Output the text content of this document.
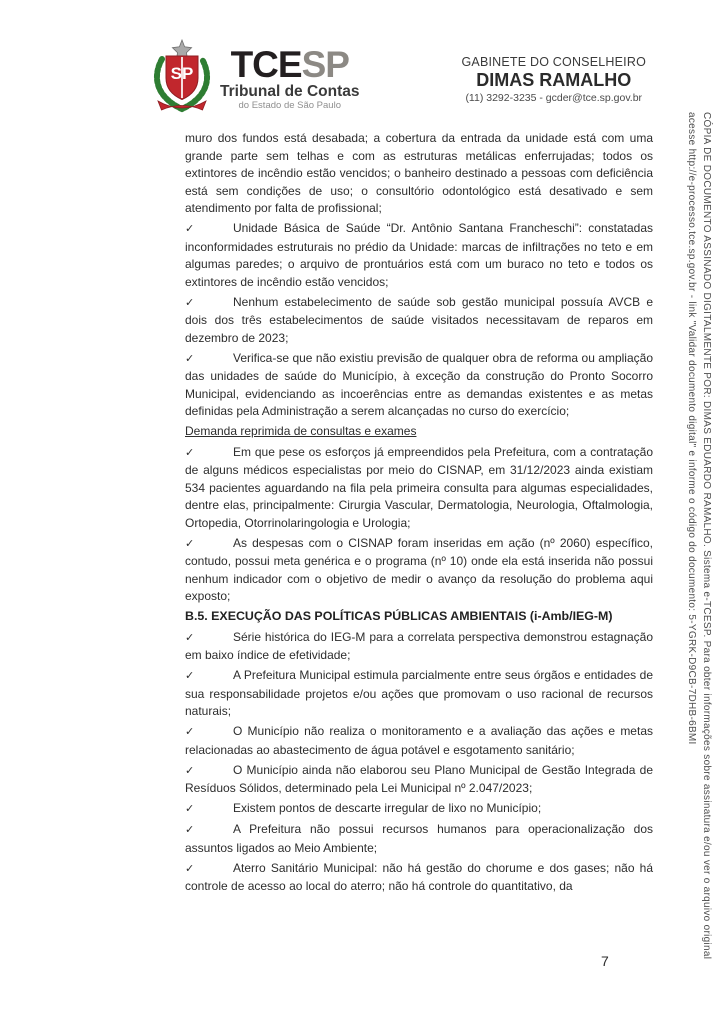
SP TCESP
Tribunal de Contas
do Estado de São Paulo
GABINETE DO CONSELHEIRO
DIMAS RAMALHO
(11) 3292-3235 - gcder@tce.sp.gov.br

muro dos fundos está desabada; a cobertura da entrada da unidade está com uma grande parte sem telhas e com as estruturas metálicas enferrujadas; todos os extintores de incêndio estão vencidos; o banheiro destinado a pessoas com deficiência está sem condições de uso; o consultório odontológico está desativado e sem atendimento por falta de profissional;

✓	Unidade Básica de Saúde “Dr. Antônio Santana Francheschi”: constatadas inconformidades estruturais no prédio da Unidade: marcas de infiltrações no teto e em algumas paredes; o arquivo de prontuários está com um buraco no teto e todos os extintores de incêndio estão vencidos;

✓	Nenhum estabelecimento de saúde sob gestão municipal possuía AVCB e dois dos três estabelecimentos de saúde visitados necessitavam de reparos em dezembro de 2023;

✓	Verifica-se que não existiu previsão de qualquer obra de reforma ou ampliação das unidades de saúde do Município, à exceção da construção do Pronto Socorro Municipal, evidenciando as incoerências entre as demandas existentes e as metas definidas pela Administração a serem alcançadas no curso do exercício;

Demanda reprimida de consultas e exames

✓	Em que pese os esforços já empreendidos pela Prefeitura, com a contratação de alguns médicos especialistas por meio do CISNAP, em 31/12/2023 ainda existiam 534 pacientes aguardando na fila pela primeira consulta para algumas especialidades, dentre elas, principalmente: Cirurgia Vascular, Dermatologia, Neurologia, Oftalmologia, Ortopedia, Otorrinolaringologia e Urologia;

✓	As despesas com o CISNAP foram inseridas em ação (nº 2060) específico, contudo, possui meta genérica e o programa (nº 10) onde ela está inserida não possui nenhum indicador com o objetivo de medir o avanço da resolução do problema aqui exposto;

B.5. EXECUÇÃO DAS POLÍTICAS PÚBLICAS AMBIENTAIS (i-Amb/IEG-M)

✓	Série histórica do IEG-M para a correlata perspectiva demonstrou estagnação em baixo índice de efetividade;

✓	A Prefeitura Municipal estimula parcialmente entre seus órgãos e entidades de sua responsabilidade projetos e/ou ações que promovam o uso racional de recursos naturais;

✓	O Município não realiza o monitoramento e a avaliação das ações e metas relacionadas ao abastecimento de água potável e esgotamento sanitário;

✓	O Município ainda não elaborou seu Plano Municipal de Gestão Integrada de Resíduos Sólidos, determinado pela Lei Municipal nº 2.047/2023;

✓	Existem pontos de descarte irregular de lixo no Município;

✓	A Prefeitura não possui recursos humanos para operacionalização dos assuntos ligados ao Meio Ambiente;

✓	Aterro Sanitário Municipal: não há gestão do chorume e dos gases; não há controle de acesso ao local do aterro; não há controle do quantitativo, da

7
CÓPIA DE DOCUMENTO ASSINADO DIGITALMENTE POR: DIMAS EDUARDO RAMALHO. Sistema e-TCESP. Para obter informações sobre assinatura e/ou ver o arquivo original
acesse http://e-processo.tce.sp.gov.br - link "Validar documento digital" e informe o código do documento: 5-YGRK-D9CB-7DHB-6BMI
